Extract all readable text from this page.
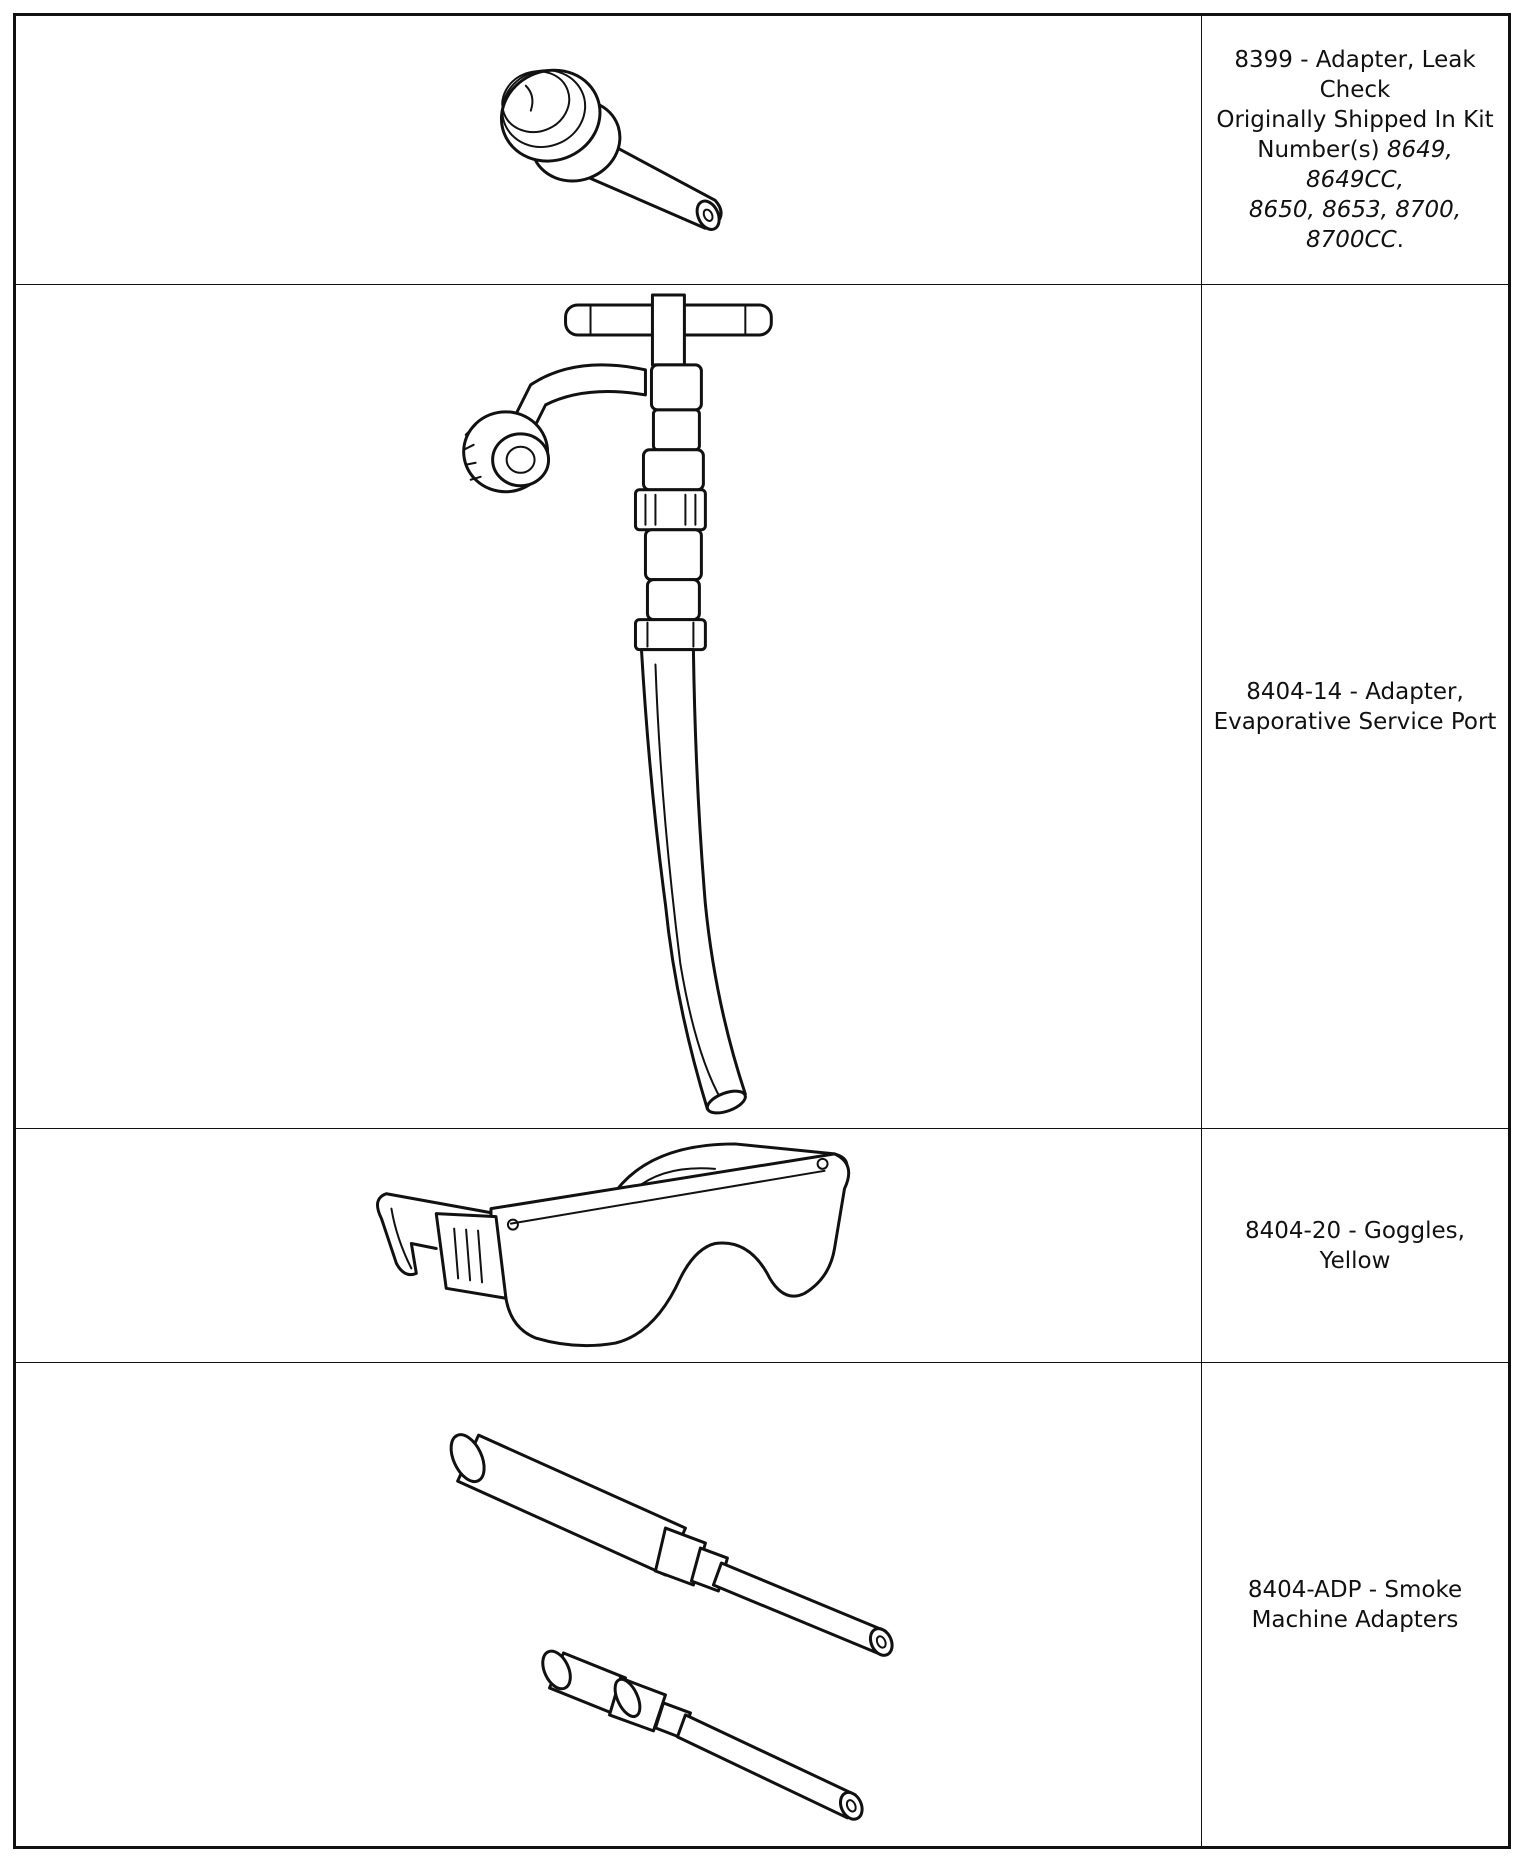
8399 - Adapter, Leak
Check
Originally Shipped In Kit
Number(s) 8649, 8649CC,
8650, 8653, 8700,
8700CC.
8404-14 - Adapter,
Evaporative Service Port
8404-20 - Goggles, Yellow
8404-ADP - Smoke
Machine Adapters
